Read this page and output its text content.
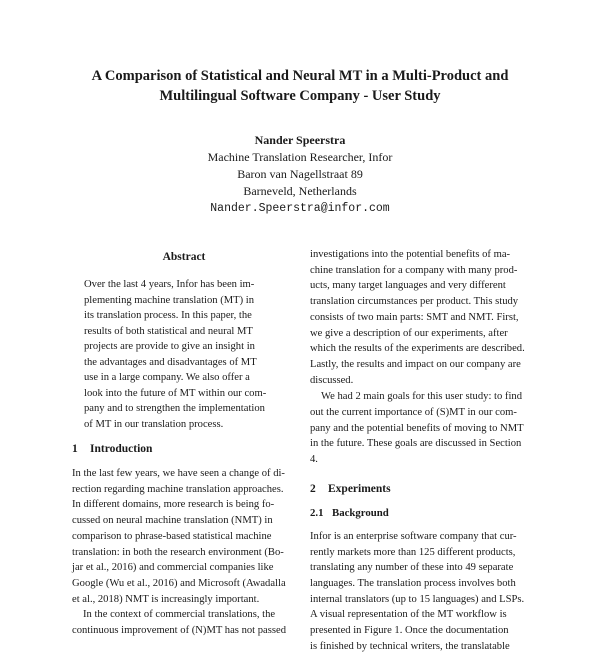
A Comparison of Statistical and Neural MT in a Multi-Product and
Multilingual Software Company - User Study
Nander Speerstra
Machine Translation Researcher, Infor
Baron van Nagellstraat 89
Barneveld, Netherlands
Nander.Speerstra@infor.com
Abstract
Over the last 4 years, Infor has been im-
plementing machine translation (MT) in
its translation process. In this paper, the
results of both statistical and neural MT
projects are provide to give an insight in
the advantages and disadvantages of MT
use in a large company. We also offer a
look into the future of MT within our com-
pany and to strengthen the implementation
of MT in our translation process.
1 Introduction
In the last few years, we have seen a change of di-
rection regarding machine translation approaches.
In different domains, more research is being fo-
cussed on neural machine translation (NMT) in
comparison to phrase-based statistical machine
translation: in both the research environment (Bo-
jar et al., 2016) and commercial companies like
Google (Wu et al., 2016) and Microsoft (Awadalla
et al., 2018) NMT is increasingly important.
In the context of commercial translations, the
continuous improvement of (N)MT has not passed
investigations into the potential benefits of ma-
chine translation for a company with many prod-
ucts, many target languages and very different
translation circumstances per product. This study
consists of two main parts: SMT and NMT. First,
we give a description of our experiments, after
which the results of the experiments are described.
Lastly, the results and impact on our company are
discussed.
We had 2 main goals for this user study: to find
out the current importance of (S)MT in our com-
pany and the potential benefits of moving to NMT
in the future. These goals are discussed in Section
4.
2 Experiments
2.1 Background
Infor is an enterprise software company that cur-
rently markets more than 125 different products,
translating any number of these into 49 separate
languages. The translation process involves both
internal translators (up to 15 languages) and LSPs.
A visual representation of the MT workflow is
presented in Figure 1. Once the documentation
is finished by technical writers, the translatable
